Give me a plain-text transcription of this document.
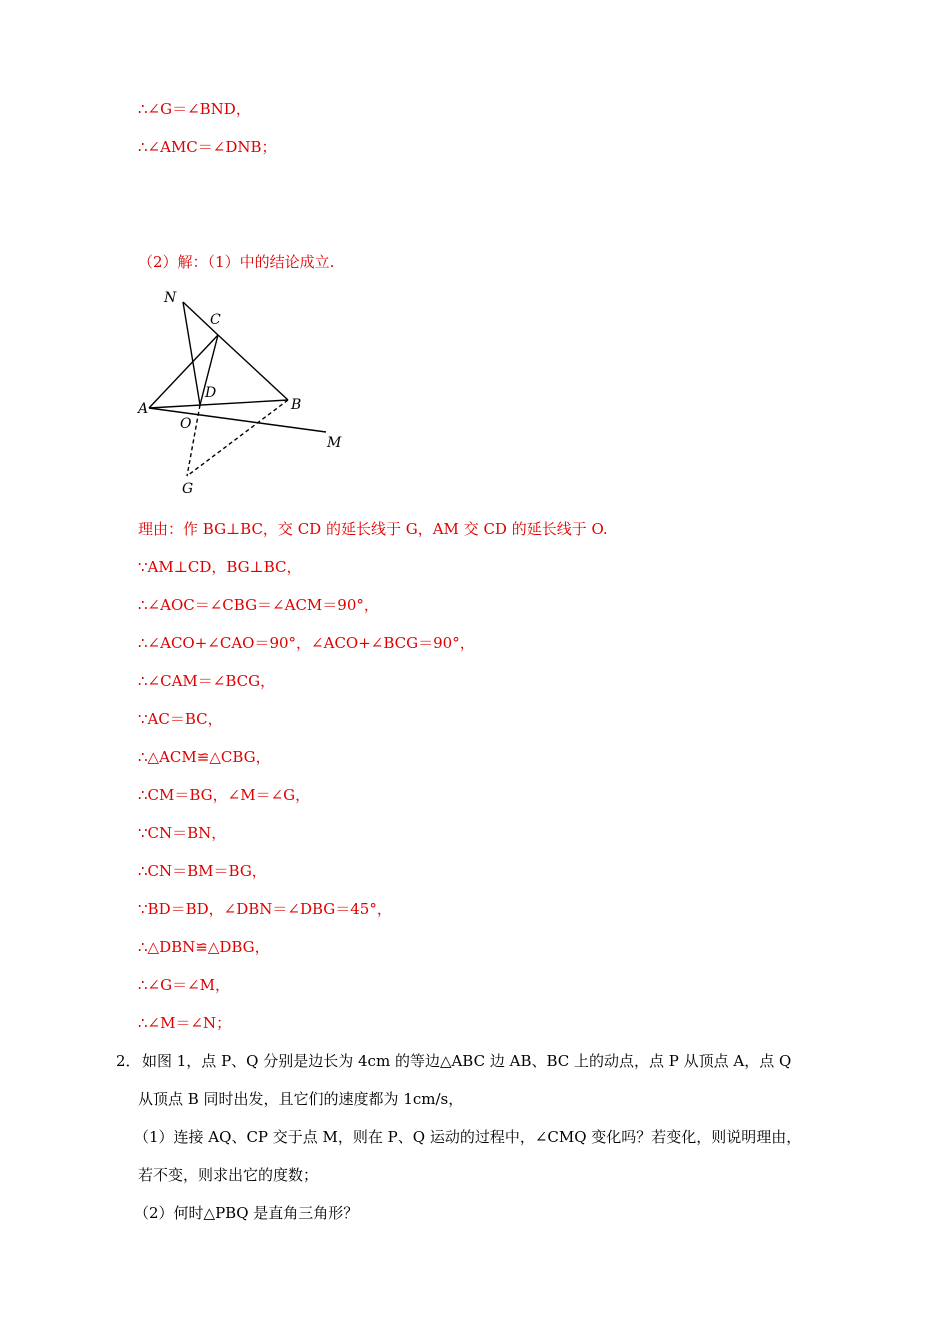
∴∠G＝∠BND，
∴∠AMC＝∠DNB；
（2）解：（1）中的结论成立.
N
C
D
A	B
O
M
G
理由：作 BG⊥BC，交 CD 的延长线于 G，AM 交 CD 的延长线于 O.
∵AM⊥CD，BG⊥BC，
∴∠AOC＝∠CBG＝∠ACM＝90°，
∴∠ACO+∠CAO＝90°，∠ACO+∠BCG＝90°，
∴∠CAM＝∠BCG，
∵AC＝BC，
∴△ACM≌△CBG，
∴CM＝BG，∠M＝∠G，
∵CN＝BN，
∴CN＝BM＝BG，
∵BD＝BD，∠DBN＝∠DBG＝45°，
∴△DBN≌△DBG，
∴∠G＝∠M，
∴∠M＝∠N；
2． 如图 1，点 P、Q 分别是边长为 4cm 的等边△ABC 边 AB、BC 上的动点，点 P 从顶点 A，点 Q
从顶点 B 同时出发，且它们的速度都为 1cm/s，
（1）连接 AQ、CP 交于点 M，则在 P、Q 运动的过程中，∠CMQ 变化吗？若变化，则说明理由，
若不变，则求出它的度数；
（2）何时△PBQ 是直角三角形？
